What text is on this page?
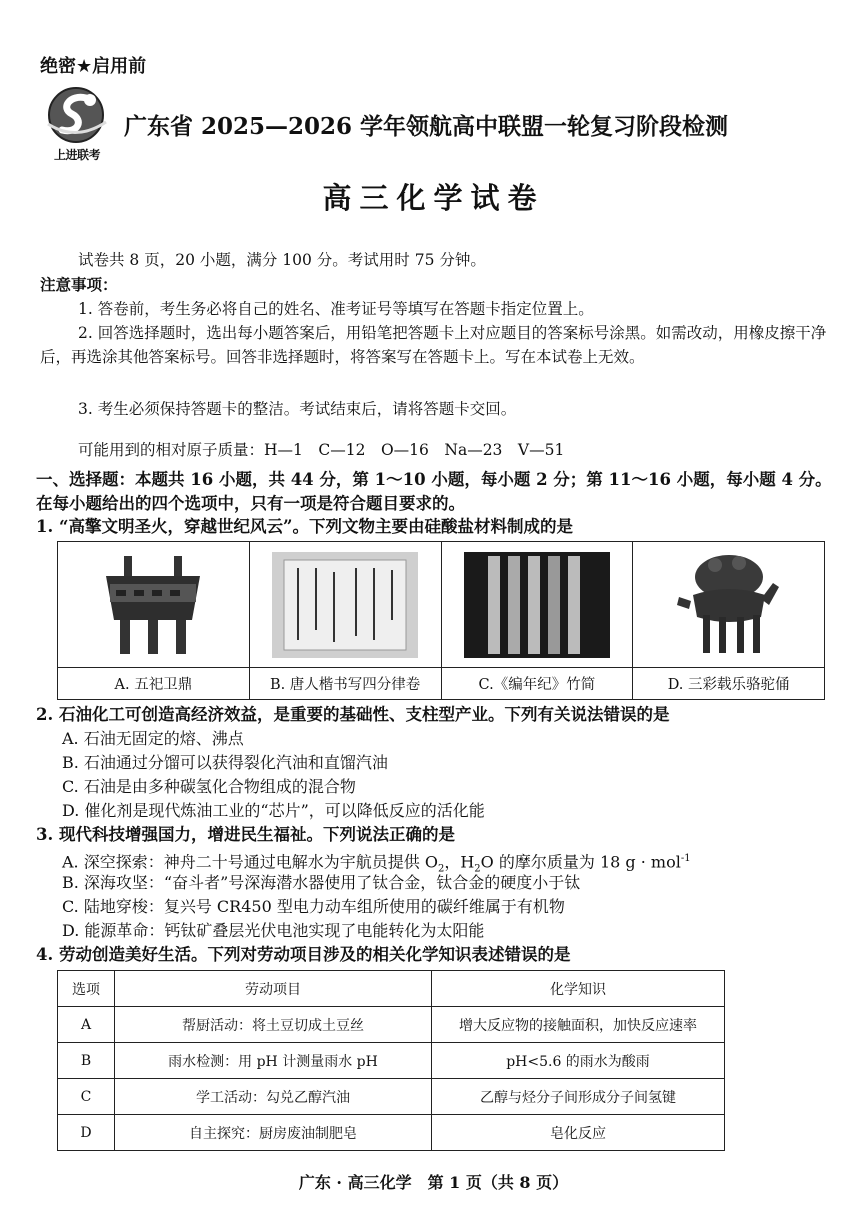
绝密★启用前
上进联考
广东省 2025—2026 学年领航高中联盟一轮复习阶段检测
高三化学试卷
试卷共 8 页，20 小题，满分 100 分。考试用时 75 分钟。
注意事项：
1. 答卷前，考生务必将自己的姓名、准考证号等填写在答题卡指定位置上。
2. 回答选择题时，选出每小题答案后，用铅笔把答题卡上对应题目的答案标号涂黑。如需改动，用橡皮擦干净后，再选涂其他答案标号。回答非选择题时，将答案写在答题卡上。写在本试卷上无效。
3. 考生必须保持答题卡的整洁。考试结束后，请将答题卡交回。
可能用到的相对原子质量：H—1　C—12　O—16　Na—23　V—51
一、选择题：本题共 16 小题，共 44 分，第 1～10 小题，每小题 2 分；第 11～16 小题，每小题 4 分。在每小题给出的四个选项中，只有一项是符合题目要求的。
1. “高擎文明圣火，穿越世纪风云”。下列文物主要由硅酸盐材料制成的是

A. 五祀卫鼎	B. 唐人楷书写四分律卷	C.《编年纪》竹简	D. 三彩载乐骆驼俑
2. 石油化工可创造高经济效益，是重要的基础性、支柱型产业。下列有关说法错误的是
A. 石油无固定的熔、沸点
B. 石油通过分馏可以获得裂化汽油和直馏汽油
C. 石油是由多种碳氢化合物组成的混合物
D. 催化剂是现代炼油工业的“芯片”，可以降低反应的活化能
3. 现代科技增强国力，增进民生福祉。下列说法正确的是
A. 深空探索：神舟二十号通过电解水为宇航员提供 $O_2$，$H_2O$ 的摩尔质量为 18 g · mol$^{-1}$
B. 深海攻坚：“奋斗者”号深海潜水器使用了钛合金，钛合金的硬度小于钛
C. 陆地穿梭：复兴号 CR450 型电力动车组所使用的碳纤维属于有机物
D. 能源革命：钙钛矿叠层光伏电池实现了电能转化为太阳能
4. 劳动创造美好生活。下列对劳动项目涉及的相关化学知识表述错误的是
选项	劳动项目	化学知识
A	帮厨活动：将土豆切成土豆丝	增大反应物的接触面积，加快反应速率
B	雨水检测：用 pH 计测量雨水 pH	pH<5.6 的雨水为酸雨
C	学工活动：勾兑乙醇汽油	乙醇与烃分子间形成分子间氢键
D	自主探究：厨房废油制肥皂	皂化反应
广东 · 高三化学　第 1 页（共 8 页）
